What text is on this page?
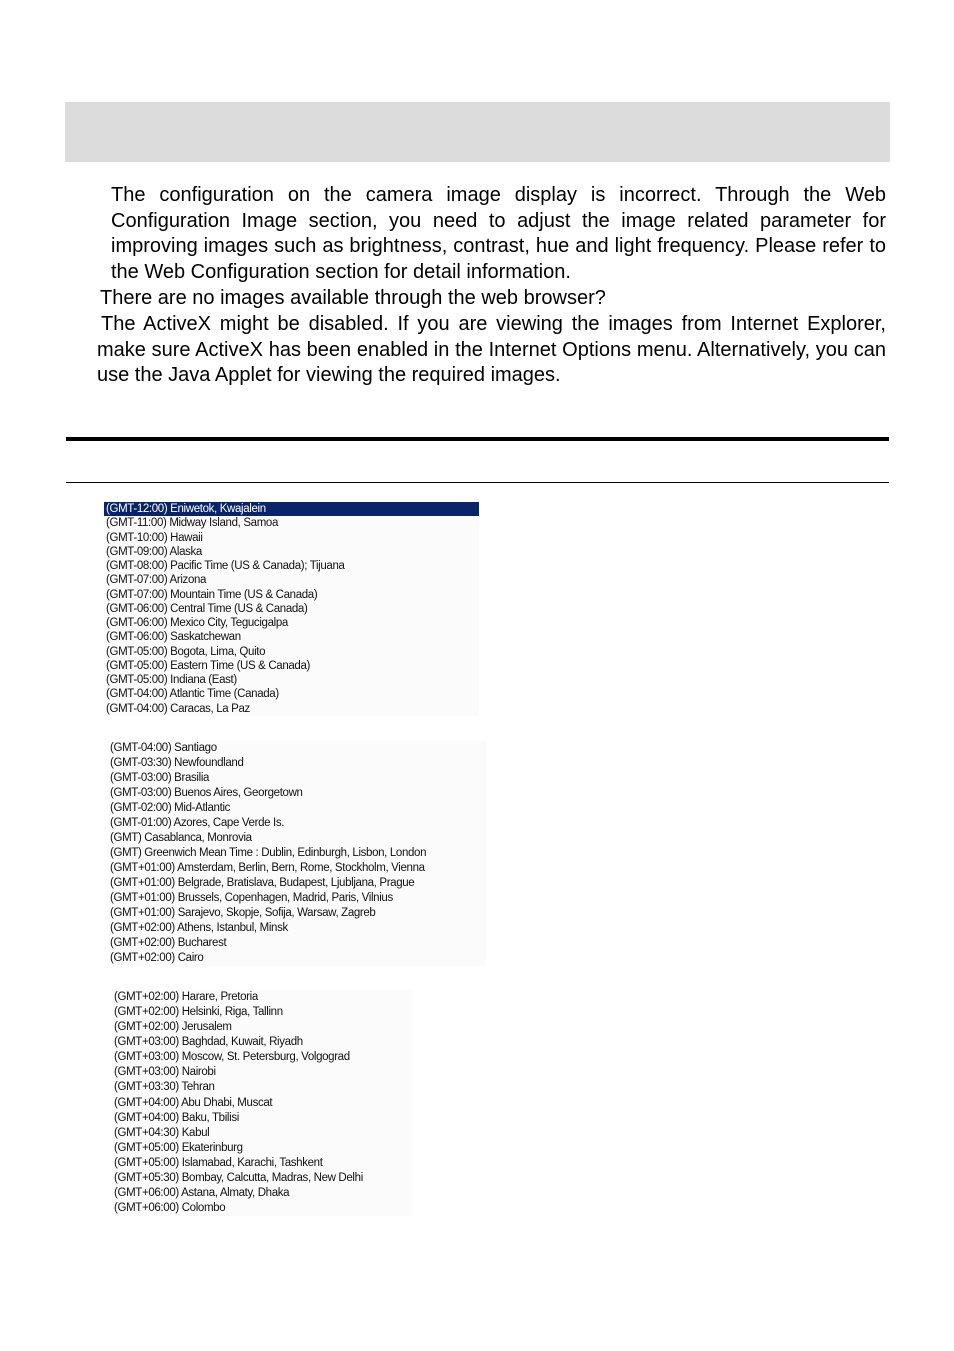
The configuration on the camera image display is incorrect. Through the Web Configuration Image section, you need to adjust the image related parameter for improving images such as brightness, contrast, hue and light frequency. Please refer to the Web Configuration section for detail information.

There are no images available through the web browser?

The ActiveX might be disabled. If you are viewing the images from Internet Explorer, make sure ActiveX has been enabled in the Internet Options menu. Alternatively, you can use the Java Applet for viewing the required images.

(GMT-12:00) Eniwetok, Kwajalein
(GMT-11:00) Midway Island, Samoa
(GMT-10:00) Hawaii
(GMT-09:00) Alaska
(GMT-08:00) Pacific Time (US & Canada); Tijuana
(GMT-07:00) Arizona
(GMT-07:00) Mountain Time (US & Canada)
(GMT-06:00) Central Time (US & Canada)
(GMT-06:00) Mexico City, Tegucigalpa
(GMT-06:00) Saskatchewan
(GMT-05:00) Bogota, Lima, Quito
(GMT-05:00) Eastern Time (US & Canada)
(GMT-05:00) Indiana (East)
(GMT-04:00) Atlantic Time (Canada)
(GMT-04:00) Caracas, La Paz
(GMT-04:00) Santiago
(GMT-03:30) Newfoundland
(GMT-03:00) Brasilia
(GMT-03:00) Buenos Aires, Georgetown
(GMT-02:00) Mid-Atlantic
(GMT-01:00) Azores, Cape Verde Is.
(GMT) Casablanca, Monrovia
(GMT) Greenwich Mean Time : Dublin, Edinburgh, Lisbon, London
(GMT+01:00) Amsterdam, Berlin, Bern, Rome, Stockholm, Vienna
(GMT+01:00) Belgrade, Bratislava, Budapest, Ljubljana, Prague
(GMT+01:00) Brussels, Copenhagen, Madrid, Paris, Vilnius
(GMT+01:00) Sarajevo, Skopje, Sofija, Warsaw, Zagreb
(GMT+02:00) Athens, Istanbul, Minsk
(GMT+02:00) Bucharest
(GMT+02:00) Cairo
(GMT+02:00) Harare, Pretoria
(GMT+02:00) Helsinki, Riga, Tallinn
(GMT+02:00) Jerusalem
(GMT+03:00) Baghdad, Kuwait, Riyadh
(GMT+03:00) Moscow, St. Petersburg, Volgograd
(GMT+03:00) Nairobi
(GMT+03:30) Tehran
(GMT+04:00) Abu Dhabi, Muscat
(GMT+04:00) Baku, Tbilisi
(GMT+04:30) Kabul
(GMT+05:00) Ekaterinburg
(GMT+05:00) Islamabad, Karachi, Tashkent
(GMT+05:30) Bombay, Calcutta, Madras, New Delhi
(GMT+06:00) Astana, Almaty, Dhaka
(GMT+06:00) Colombo
